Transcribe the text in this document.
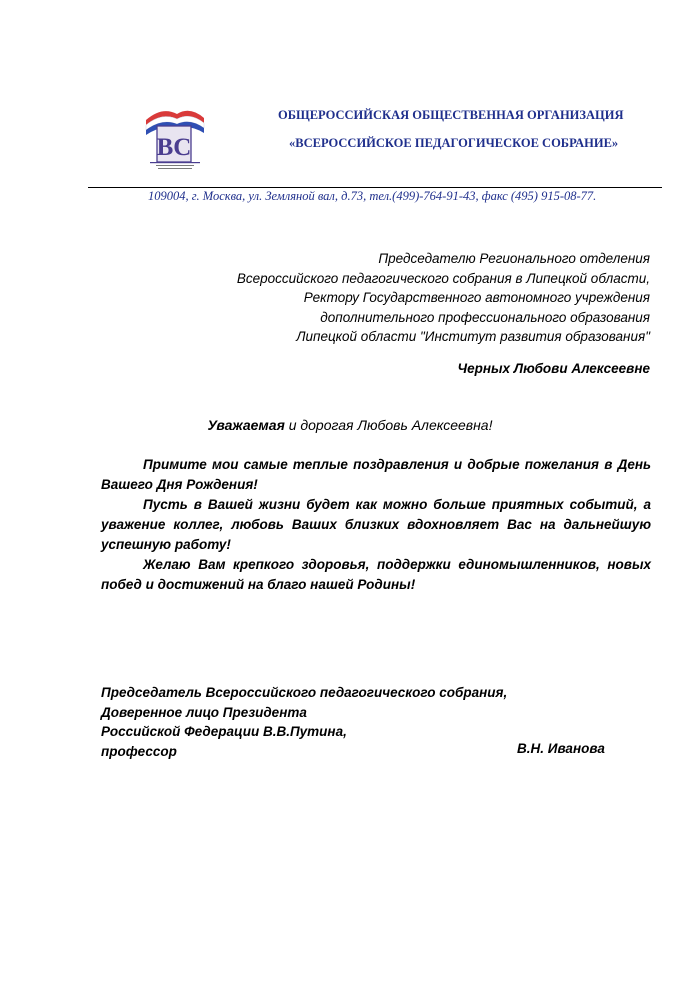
ВС
ОБЩЕРОССИЙСКАЯ ОБЩЕСТВЕННАЯ ОРГАНИЗАЦИЯ
«ВСЕРОССИЙСКОЕ ПЕДАГОГИЧЕСКОЕ СОБРАНИЕ»
109004, г. Москва, ул. Земляной вал, д.73, тел.(499)-764-91-43, факс (495) 915-08-77.
Председателю Регионального отделения
Всероссийского педагогического собрания в Липецкой области,
Ректору Государственного автономного учреждения
дополнительного профессионального образования
Липецкой области "Институт развития образования"
Черных Любови Алексеевне
Уважаемая и дорогая Любовь Алексеевна!

Примите мои самые теплые поздравления и добрые пожелания в День Вашего Дня Рождения!

Пусть в Вашей жизни будет как можно больше приятных событий, а уважение коллег, любовь Ваших близких вдохновляет Вас на дальнейшую успешную работу!

Желаю Вам крепкого здоровья, поддержки единомышленников, новых побед и достижений на благо нашей Родины!

Председатель Всероссийского педагогического собрания,
Доверенное лицо Президента
Российской Федерации В.В.Путина,
профессор	В.Н. Иванова
